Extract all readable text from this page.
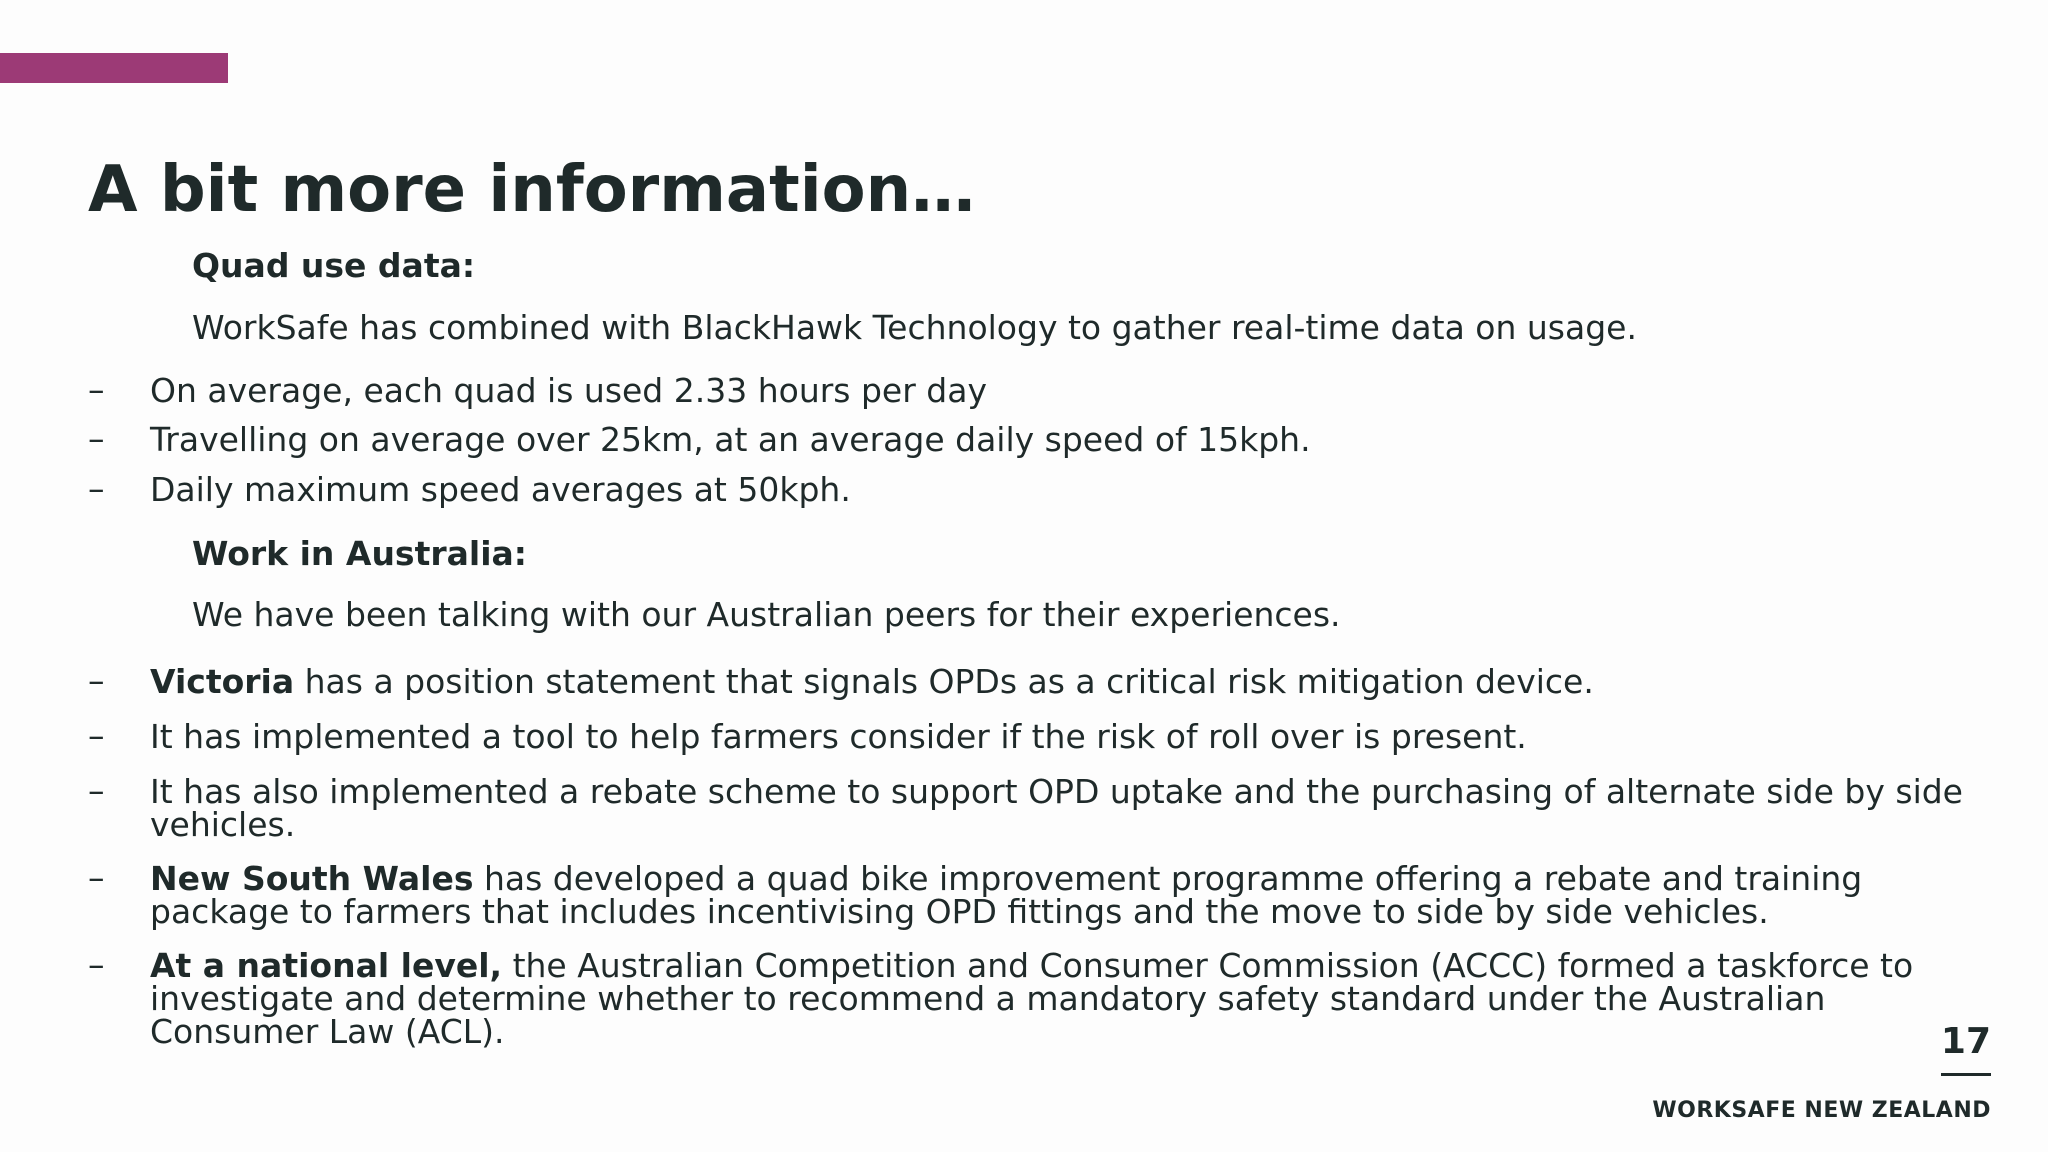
A bit more information…
Quad use data:
WorkSafe has combined with BlackHawk Technology to gather real-time data on usage.
– On average, each quad is used 2.33 hours per day
– Travelling on average over 25km, at an average daily speed of 15kph.
– Daily maximum speed averages at 50kph.
Work in Australia:
We have been talking with our Australian peers for their experiences.
– Victoria has a position statement that signals OPDs as a critical risk mitigation device.
– It has implemented a tool to help farmers consider if the risk of roll over is present.
– It has also implemented a rebate scheme to support OPD uptake and the purchasing of alternate side by side vehicles.
– New South Wales has developed a quad bike improvement programme offering a rebate and training package to farmers that includes incentivising OPD fittings and the move to side by side vehicles.
– At a national level, the Australian Competition and Consumer Commission (ACCC) formed a taskforce to investigate and determine whether to recommend a mandatory safety standard under the Australian Consumer Law (ACL).	17
WORKSAFE NEW ZEALAND
